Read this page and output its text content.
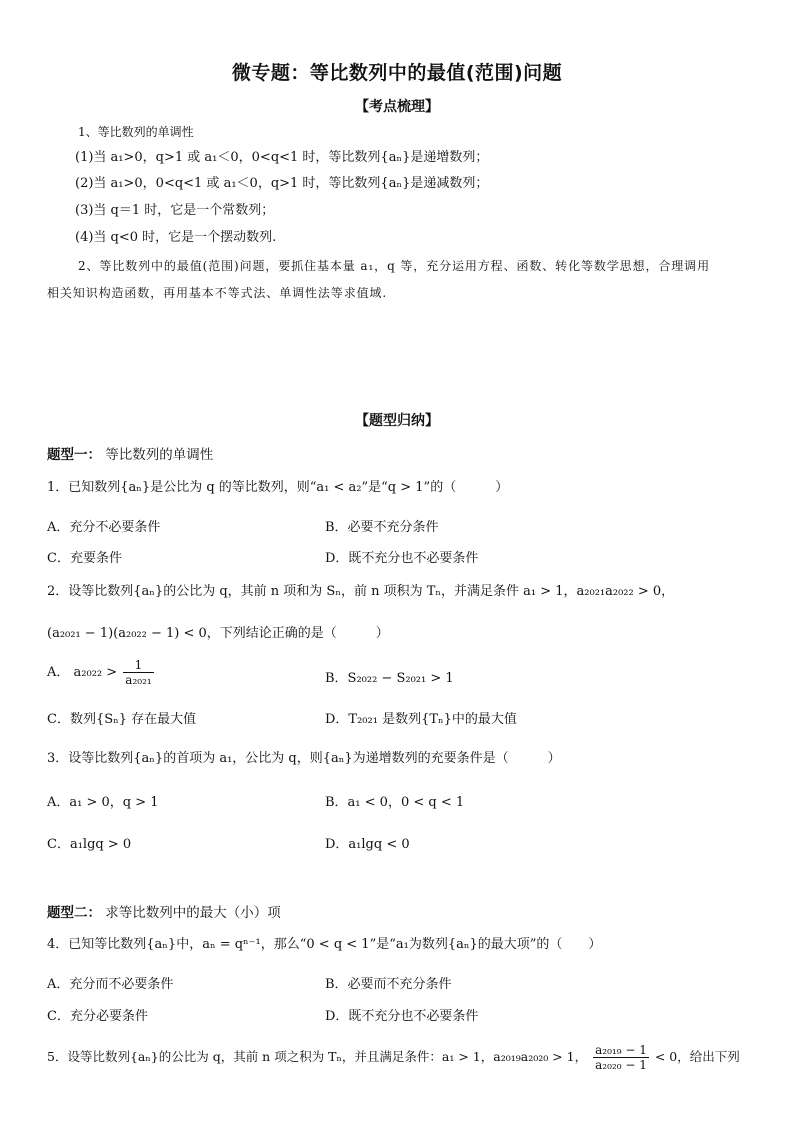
微专题：等比数列中的最值(范围)问题
【考点梳理】
1、等比数列的单调性
(1)当 a₁>0，q>1 或 a₁＜0，0<q<1 时，等比数列{aₙ}是递增数列；
(2)当 a₁>0，0<q<1 或 a₁＜0，q>1 时，等比数列{aₙ}是递减数列；
(3)当 q＝1 时，它是一个常数列；
(4)当 q<0 时，它是一个摆动数列.
2、等比数列中的最值(范围)问题，要抓住基本量 a₁，q 等，充分运用方程、函数、转化等数学思想，合理调用
相关知识构造函数，再用基本不等式法、单调性法等求值域.
【题型归纳】
题型一： 等比数列的单调性
1．已知数列{aₙ}是公比为 q 的等比数列，则“a₁ < a₂”是“q > 1”的（　　　）
A．充分不必要条件	B．必要不充分条件
C．充要条件	D．既不充分也不必要条件
2．设等比数列{aₙ}的公比为 q，其前 n 项和为 Sₙ，前 n 项积为 Tₙ，并满足条件 a₁ > 1，a₂₀₂₁a₂₀₂₂ > 0，
(a₂₀₂₁ − 1)(a₂₀₂₂ − 1) < 0，下列结论正确的是（　　　）
A． $a_{2022} > \frac{1}{\text{a₂₀₂₁}}$	B．S₂₀₂₂ − S₂₀₂₁ > 1
C．数列{Sₙ} 存在最大值	D．T₂₀₂₁ 是数列{Tₙ}中的最大值
3．设等比数列{aₙ}的首项为 a₁，公比为 q，则{aₙ}为递增数列的充要条件是（　　　）
A．a₁ > 0，q > 1	B．a₁ < 0，0 < q < 1
C．a₁lgq > 0	D．a₁lgq < 0
题型二： 求等比数列中的最大（小）项
4．已知等比数列{aₙ}中，aₙ = qⁿ⁻¹，那么“0 < q < 1”是“a₁为数列{aₙ}的最大项”的（　　）
A．充分而不必要条件	B．必要而不充分条件
C．充分必要条件	D．既不充分也不必要条件
5．设等比数列{aₙ}的公比为 q，其前 n 项之积为 Tₙ，并且满足条件：a₁ > 1，a₂₀₁₉a₂₀₂₀ > 1， $\frac{\text{a₂₀₁₉ − 1}}{\text{a₂₀₂₀ − 1}} < 0$，给出下列
